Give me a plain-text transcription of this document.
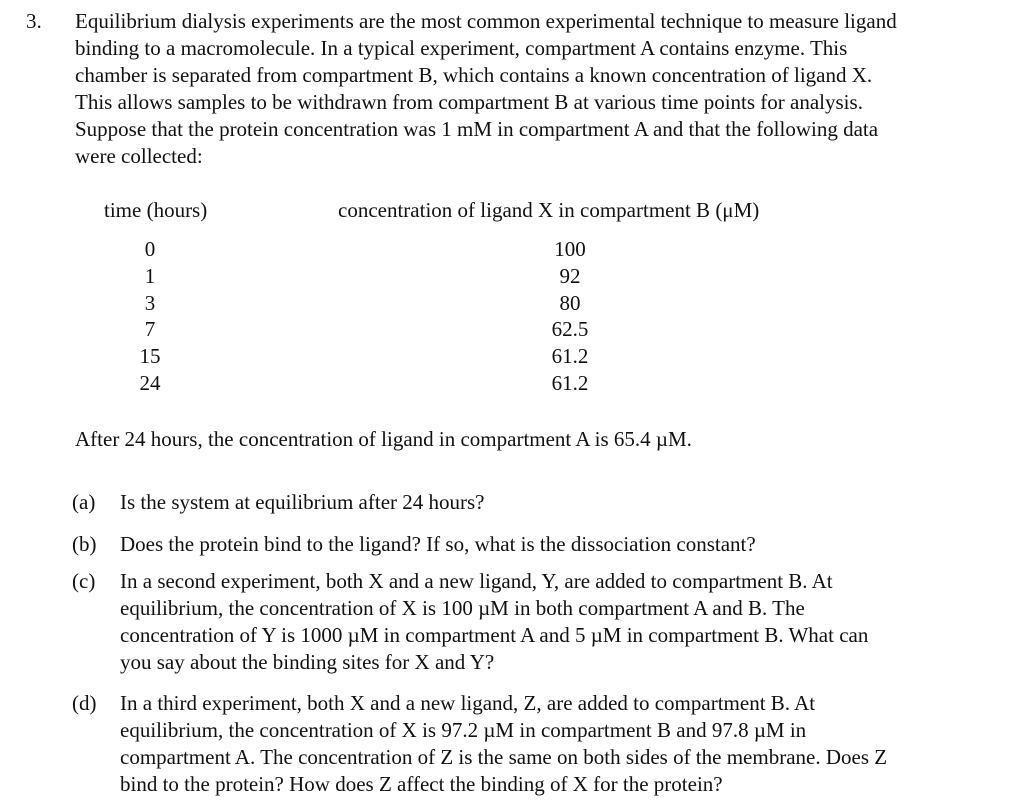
3. Equilibrium dialysis experiments are the most common experimental technique to measure ligand
binding to a macromolecule. In a typical experiment, compartment A contains enzyme. This
chamber is separated from compartment B, which contains a known concentration of ligand X.
This allows samples to be withdrawn from compartment B at various time points for analysis.
Suppose that the protein concentration was 1 mM in compartment A and that the following data
were collected:
time (hours)	concentration of ligand X in compartment B (μM)
0
1
3
7
15
24
100
92
80
62.5
61.2
61.2
After 24 hours, the concentration of ligand in compartment A is 65.4 µM.
(a) Is the system at equilibrium after 24 hours?
(b) Does the protein bind to the ligand? If so, what is the dissociation constant?
(c) In a second experiment, both X and a new ligand, Y, are added to compartment B. At
equilibrium, the concentration of X is 100 µM in both compartment A and B. The
concentration of Y is 1000 µM in compartment A and 5 µM in compartment B. What can
you say about the binding sites for X and Y?
(d) In a third experiment, both X and a new ligand, Z, are added to compartment B. At
equilibrium, the concentration of X is 97.2 µM in compartment B and 97.8 µM in
compartment A. The concentration of Z is the same on both sides of the membrane. Does Z
bind to the protein? How does Z affect the binding of X for the protein?
